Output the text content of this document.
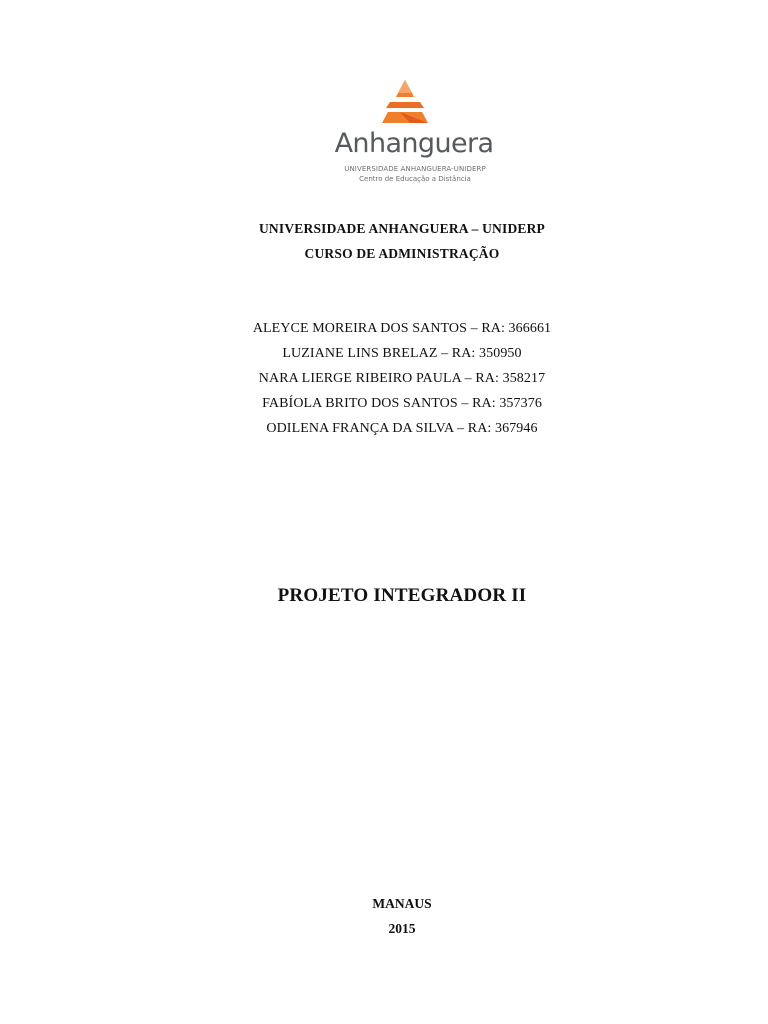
Anhanguera
UNIVERSIDADE ANHANGUERA-UNIDERP
Centro de Educação a Distância
UNIVERSIDADE ANHANGUERA – UNIDERP
CURSO DE ADMINISTRAÇÃO
ALEYCE MOREIRA DOS SANTOS – RA: 366661
LUZIANE LINS BRELAZ – RA: 350950
NARA LIERGE RIBEIRO PAULA – RA: 358217
FABÍOLA BRITO DOS SANTOS – RA: 357376
ODILENA FRANÇA DA SILVA – RA: 367946
PROJETO INTEGRADOR II
MANAUS
2015
